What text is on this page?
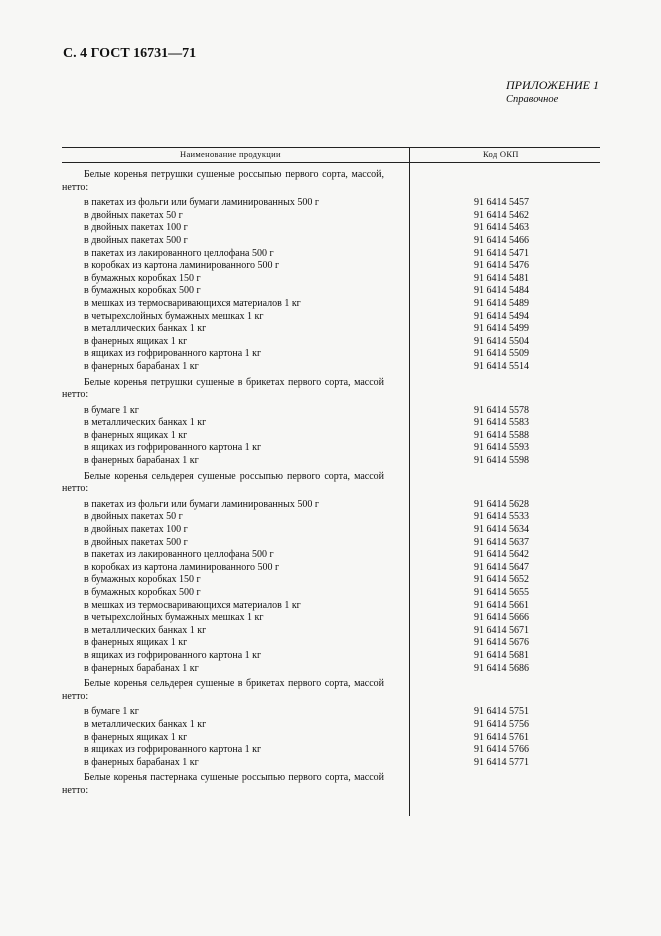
С. 4 ГОСТ 16731—71
ПРИЛОЖЕНИЕ 1
Справочное
Наименование продукции	Код ОКП
Белые коренья петрушки сушеные россыпью первого сорта, массой, нетто:
в пакетах из фольги или бумаги ламинированных 500 г	91 6414 5457
в двойных пакетах 50 г	91 6414 5462
в двойных пакетах 100 г	91 6414 5463
в двойных пакетах 500 г	91 6414 5466
в пакетах из лакированного целлофана 500 г	91 6414 5471
в коробках из картона ламинированного 500 г	91 6414 5476
в бумажных коробках 150 г	91 6414 5481
в бумажных коробках 500 г	91 6414 5484
в мешках из термосваривающихся материалов 1 кг	91 6414 5489
в четырехслойных бумажных мешках 1 кг	91 6414 5494
в металлических банках 1 кг	91 6414 5499
в фанерных ящиках 1 кг	91 6414 5504
в ящиках из гофрированного картона 1 кг	91 6414 5509
в фанерных барабанах 1 кг	91 6414 5514
Белые коренья петрушки сушеные в брикетах первого сорта, массой нетто:
в бумаге 1 кг	91 6414 5578
в металлических банках 1 кг	91 6414 5583
в фанерных ящиках 1 кг	91 6414 5588
в ящиках из гофрированного картона 1 кг	91 6414 5593
в фанерных барабанах 1 кг	91 6414 5598
Белые коренья сельдерея сушеные россыпью первого сорта, массой нетто:
в пакетах из фольги или бумаги ламинированных 500 г	91 6414 5628
в двойных пакетах 50 г	91 6414 5533
в двойных пакетах 100 г	91 6414 5634
в двойных пакетах 500 г	91 6414 5637
в пакетах из лакированного целлофана 500 г	91 6414 5642
в коробках из картона ламинированного 500 г	91 6414 5647
в бумажных коробках 150 г	91 6414 5652
в бумажных коробках 500 г	91 6414 5655
в мешках из термосваривающихся материалов 1 кг	91 6414 5661
в четырехслойных бумажных мешках 1 кг	91 6414 5666
в металлических банках 1 кг	91 6414 5671
в фанерных ящиках 1 кг	91 6414 5676
в ящиках из гофрированного картона 1 кг	91 6414 5681
в фанерных барабанах 1 кг	91 6414 5686
Белые коренья сельдерея сушеные в брикетах первого сорта, массой нетто:
в бумаге 1 кг	91 6414 5751
в металлических банках 1 кг	91 6414 5756
в фанерных ящиках 1 кг	91 6414 5761
в ящиках из гофрированного картона 1 кг	91 6414 5766
в фанерных барабанах 1 кг	91 6414 5771
Белые коренья пастернака сушеные россыпью первого сорта, массой нетто:
